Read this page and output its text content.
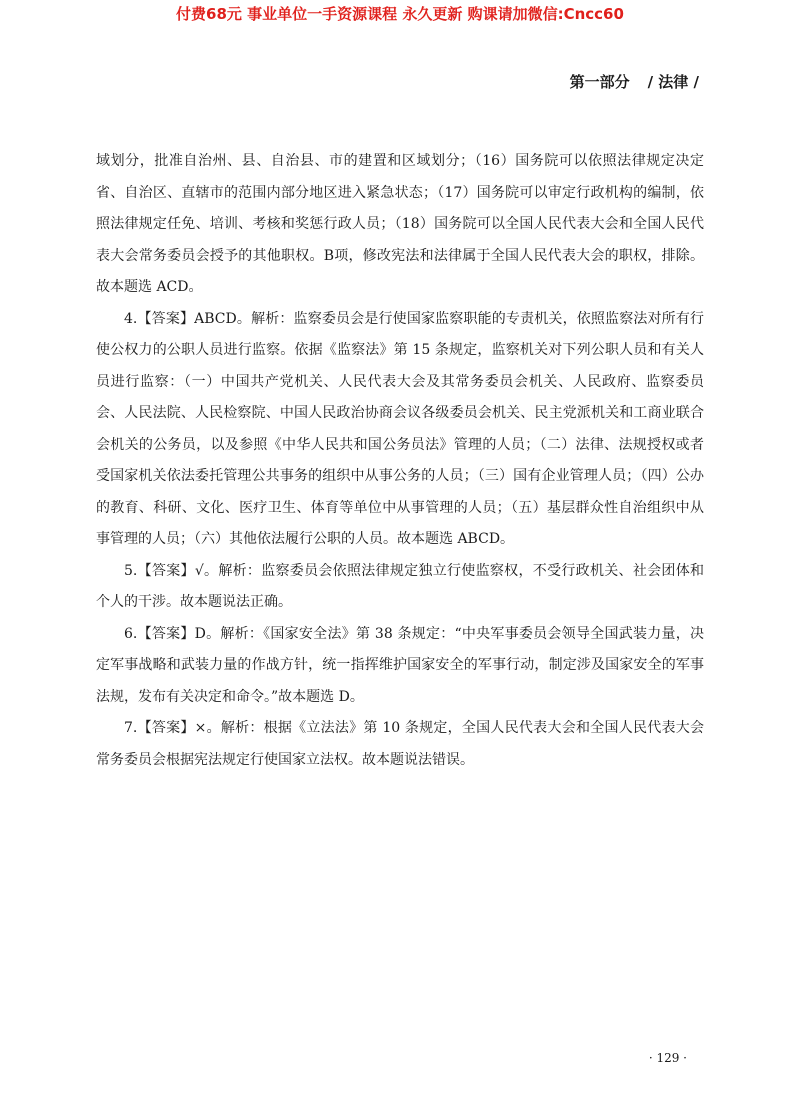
付费68元 事业单位一手资源课程 永久更新 购课请加微信:Cncc60
第一部分 / 法律 /

域划分，批准自治州、县、自治县、市的建置和区域划分；（16）国务院可以依照法律规定决定省、自治区、直辖市的范围内部分地区进入紧急状态；（17）国务院可以审定行政机构的编制，依照法律规定任免、培训、考核和奖惩行政人员；（18）国务院可以全国人民代表大会和全国人民代表大会常务委员会授予的其他职权。B项，修改宪法和法律属于全国人民代表大会的职权，排除。故本题选 ACD。

4.【答案】ABCD。解析：监察委员会是行使国家监察职能的专责机关，依照监察法对所有行使公权力的公职人员进行监察。依据《监察法》第 15 条规定，监察机关对下列公职人员和有关人员进行监察：（一）中国共产党机关、人民代表大会及其常务委员会机关、人民政府、监察委员会、人民法院、人民检察院、中国人民政治协商会议各级委员会机关、民主党派机关和工商业联合会机关的公务员，以及参照《中华人民共和国公务员法》管理的人员；（二）法律、法规授权或者受国家机关依法委托管理公共事务的组织中从事公务的人员；（三）国有企业管理人员；（四）公办的教育、科研、文化、医疗卫生、体育等单位中从事管理的人员；（五）基层群众性自治组织中从事管理的人员；（六）其他依法履行公职的人员。故本题选 ABCD。

5.【答案】√。解析：监察委员会依照法律规定独立行使监察权，不受行政机关、社会团体和个人的干涉。故本题说法正确。

6.【答案】D。解析：《国家安全法》第 38 条规定：“中央军事委员会领导全国武装力量，决定军事战略和武装力量的作战方针，统一指挥维护国家安全的军事行动，制定涉及国家安全的军事法规，发布有关决定和命令。”故本题选 D。

7.【答案】×。解析：根据《立法法》第 10 条规定，全国人民代表大会和全国人民代表大会常务委员会根据宪法规定行使国家立法权。故本题说法错误。

· 129 ·
